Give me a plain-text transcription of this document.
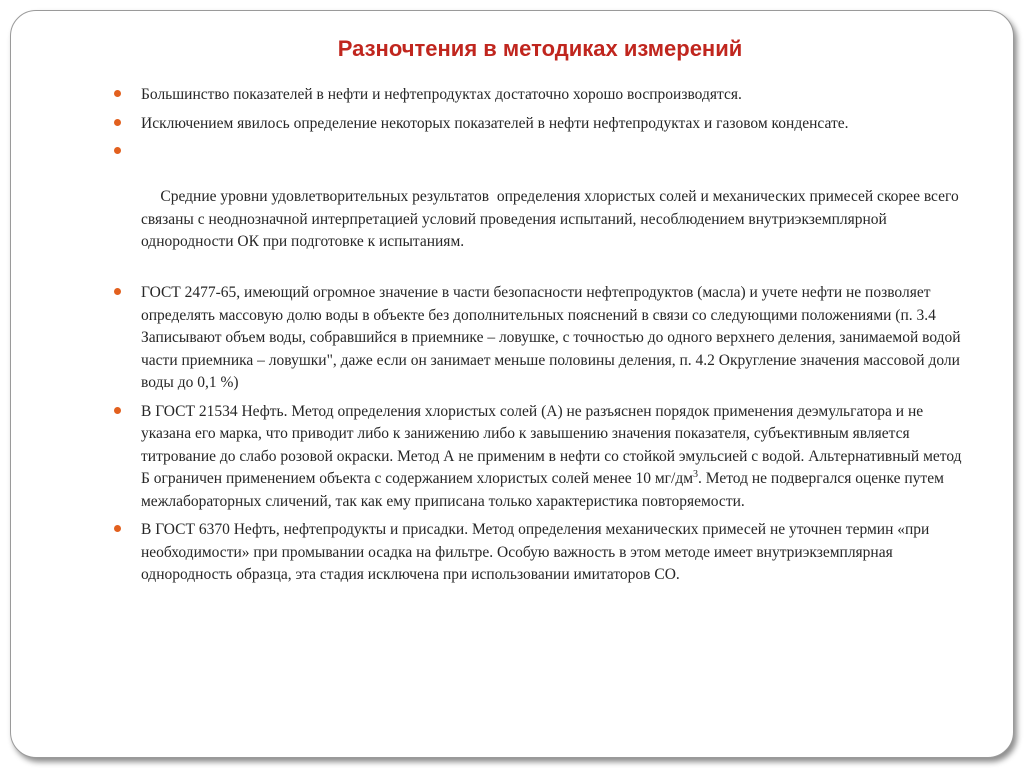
Разночтения в методиках измерений
Большинство показателей в нефти и нефтепродуктах достаточно хорошо воспроизводятся.
Исключением явилось определение некоторых показателей в нефти нефтепродуктах и газовом конденсате.

Средние уровни удовлетворительных результатов  определения хлористых солей и механических примесей скорее всего связаны с неоднозначной интерпретацией условий проведения испытаний, несоблюдением внутриэкземплярной однородности ОК при подготовке к испытаниям.

ГОСТ 2477-65, имеющий огромное значение в части безопасности нефтепродуктов (масла) и учете нефти не позволяет определять массовую долю воды в объекте без дополнительных пояснений в связи со следующими положениями (п. 3.4 Записывают объем воды, собравшийся в приемнике – ловушке, с точностью до одного верхнего деления, занимаемой водой части приемника – ловушки", даже если он занимает меньше половины деления, п. 4.2 Округление значения массовой доли воды до 0,1 %)
В ГОСТ 21534 Нефть. Метод определения хлористых солей (А) не разъяснен порядок применения деэмульгатора и не указана его марка, что приводит либо к занижению либо к завышению значения показателя, субъективным является титрование до слабо розовой окраски. Метод А не применим в нефти со стойкой эмульсией с водой. Альтернативный метод Б ограничен применением объекта с содержанием хлористых солей менее 10 $мг/дм^3$. Метод не подвергался оценке путем межлабораторных сличений, так как ему приписана только характеристика повторяемости.
В ГОСТ 6370 Нефть, нефтепродукты и присадки. Метод определения механических примесей не уточнен термин «при необходимости» при промывании осадка на фильтре. Особую важность в этом методе имеет внутриэкземплярная однородность образца, эта стадия исключена при использовании имитаторов СО.
